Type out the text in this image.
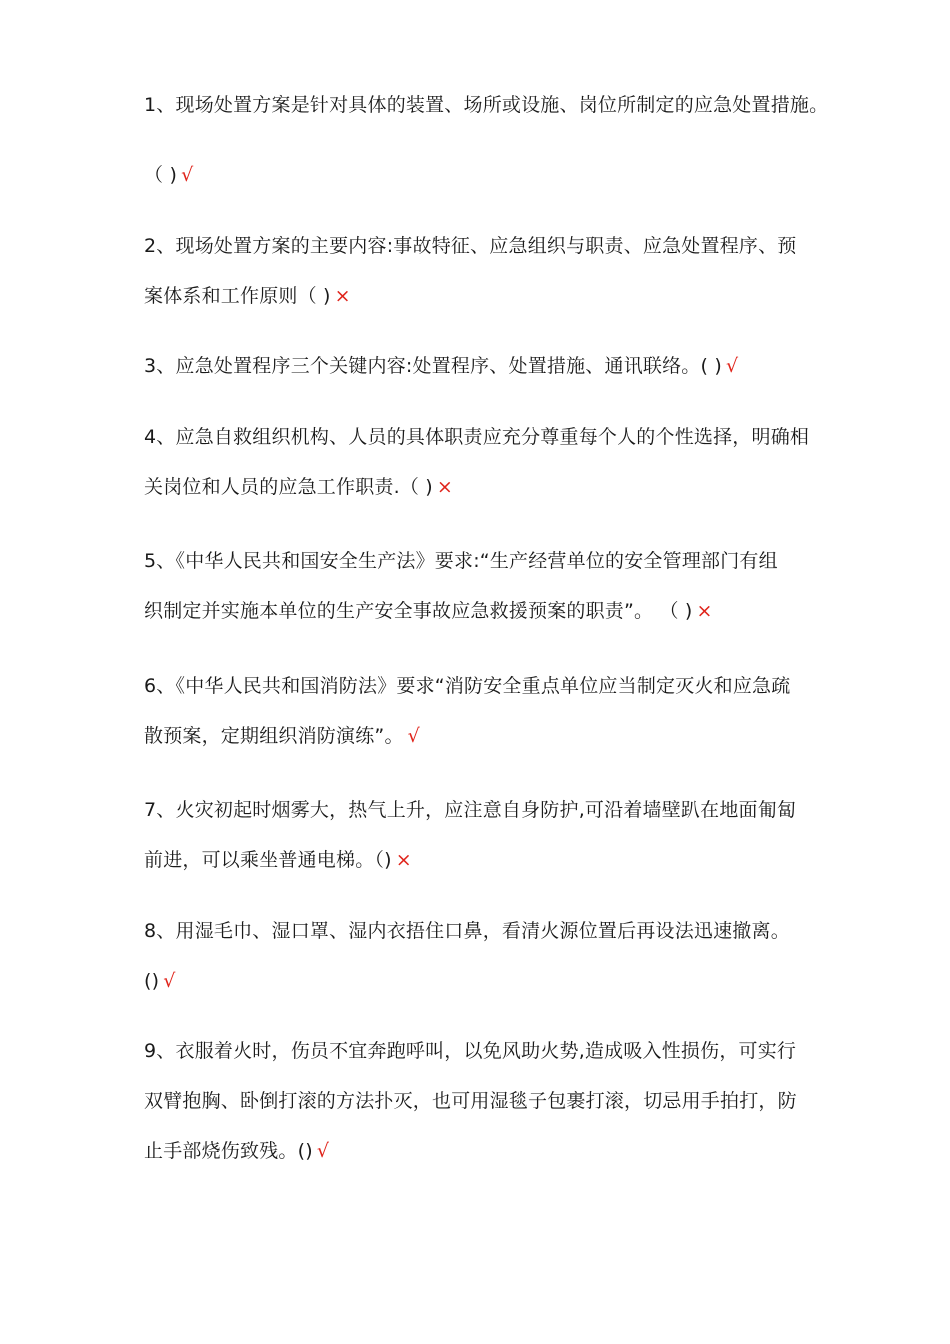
1、现场处置方案是针对具体的装置、场所或设施、岗位所制定的应急处置措施。
（ ) √
2、现场处置方案的主要内容:事故特征、应急组织与职责、应急处置程序、预
案体系和工作原则（ ) ×
3、应急处置程序三个关键内容:处置程序、处置措施、通讯联络。( ) √
4、应急自救组织机构、人员的具体职责应充分尊重每个人的个性选择，明确相
关岗位和人员的应急工作职责.（ ) ×
5、《中华人民共和国安全生产法》要求:“生产经营单位的安全管理部门有组
织制定并实施本单位的生产安全事故应急救援预案的职责”。 （ ) ×
6、《中华人民共和国消防法》要求“消防安全重点单位应当制定灭火和应急疏
散预案，定期组织消防演练”。 √
7、火灾初起时烟雾大，热气上升，应注意自身防护,可沿着墙壁趴在地面匍匐
前进，可以乘坐普通电梯。（) ×
8、用湿毛巾、湿口罩、湿内衣捂住口鼻，看清火源位置后再设法迅速撤离。
() √
9、衣服着火时，伤员不宜奔跑呼叫，以免风助火势,造成吸入性损伤，可实行
双臂抱胸、卧倒打滚的方法扑灭，也可用湿毯子包裹打滚，切忌用手拍打，防
止手部烧伤致残。() √
